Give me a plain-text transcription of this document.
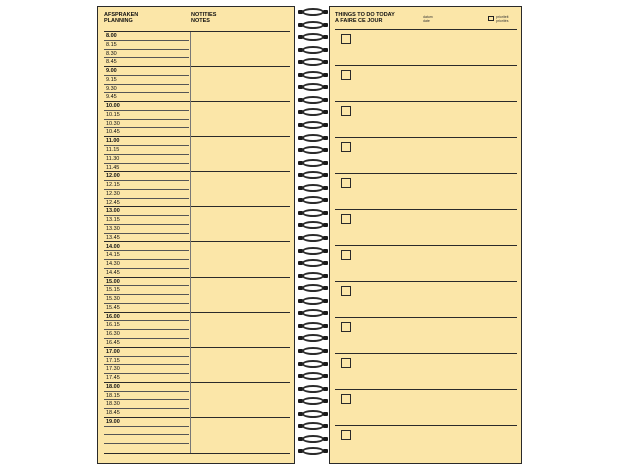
AFSPRAKEN
PLANNING
NOTITIES
NOTES
8.00
8.15
8.30
8.45
9.00
9.15
9.30
9.45
10.00
10.15
10.30
10.45
11.00
11.15
11.30
11.45
12.00
12.15
12.30
12.45
13.00
13.15
13.30
13.45
14.00
14.15
14.30
14.45
15.00
15.15
15.30
15.45
16.00
16.15
16.30
16.45
17.00
17.15
17.30
17.45
18.00
18.15
18.30
18.45
19.00
THINGS TO DO TODAY
A FAIRE CE JOUR
datum
date
prioriteit
priorités
